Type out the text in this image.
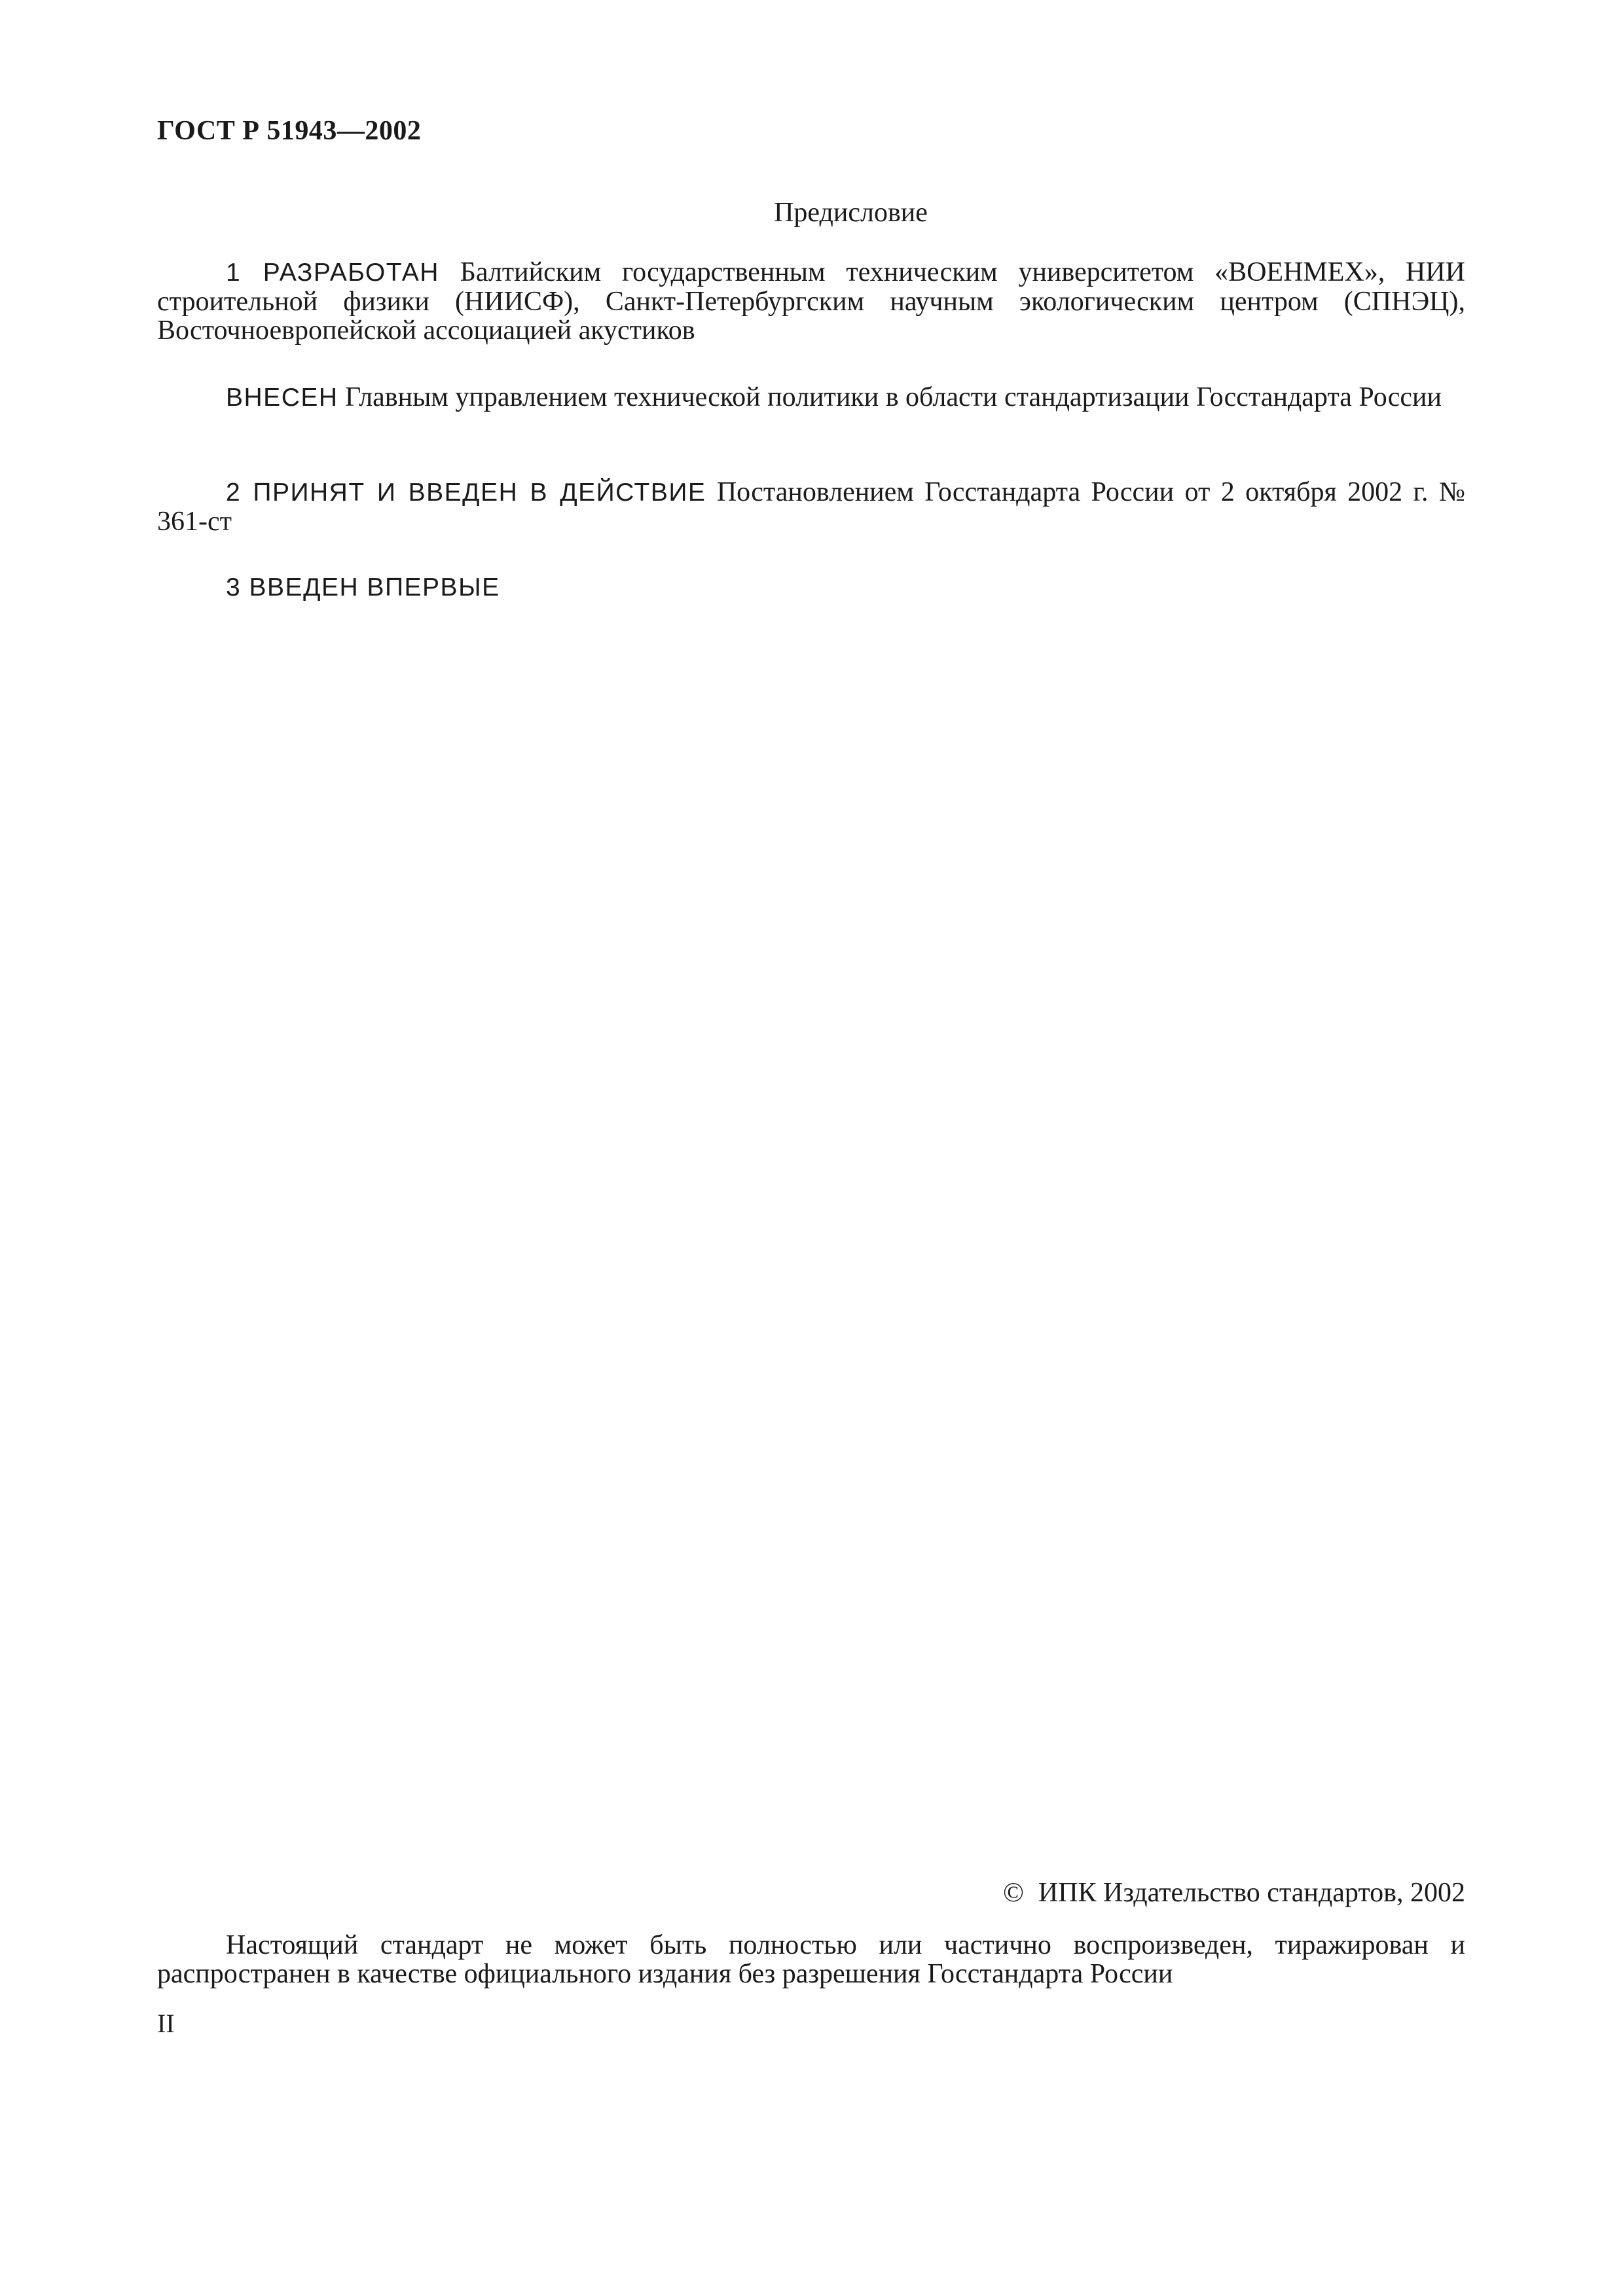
ГОСТ Р 51943—2002
Предисловие

1 РАЗРАБОТАН Балтийским государственным техническим университетом «ВОЕНМЕХ», НИИ строительной физики (НИИСФ), Санкт-Петербургским научным экологическим центром (СПНЭЦ), Восточноевропейской ассоциацией акустиков

ВНЕСЕН Главным управлением технической политики в области стандартизации Госстандарта России

2 ПРИНЯТ И ВВЕДЕН В ДЕЙСТВИЕ Постановлением Госстандарта России от 2 октября 2002 г. № 361-ст

3 ВВЕДЕН ВПЕРВЫЕ

© ИПК Издательство стандартов, 2002

Настоящий стандарт не может быть полностью или частично воспроизведен, тиражирован и распространен в качестве официального издания без разрешения Госстандарта России

II
